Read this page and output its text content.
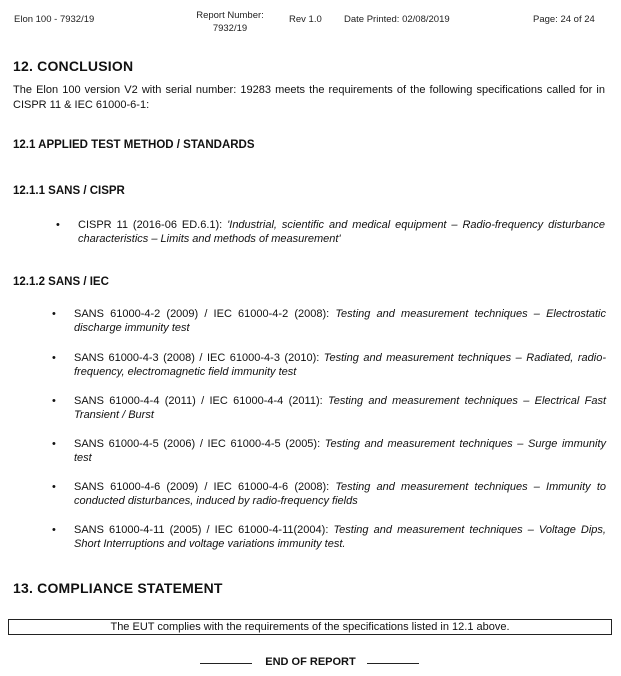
Elon 100 - 7932/19	Report Number:
7932/19
Rev 1.0 Date Printed: 02/08/2019	Page: 24 of 24
12. CONCLUSION
The Elon 100 version V2 with serial number: 19283 meets the requirements of the following specifications called for in CISPR 11 & IEC 61000-6-1:
12.1 APPLIED TEST METHOD / STANDARDS
12.1.1 SANS / CISPR
• CISPR 11 (2016-06 ED.6.1): 'Industrial, scientific and medical equipment – Radio-frequency disturbance characteristics – Limits and methods of measurement'
12.1.2 SANS / IEC
• SANS 61000-4-2 (2009) / IEC 61000-4-2 (2008): Testing and measurement techniques – Electrostatic discharge immunity test
• SANS 61000-4-3 (2008) / IEC 61000-4-3 (2010): Testing and measurement techniques – Radiated, radio-frequency, electromagnetic field immunity test
• SANS 61000-4-4 (2011) / IEC 61000-4-4 (2011): Testing and measurement techniques – Electrical Fast Transient / Burst
• SANS 61000-4-5 (2006) / IEC 61000-4-5 (2005): Testing and measurement techniques – Surge immunity test
• SANS 61000-4-6 (2009) / IEC 61000-4-6 (2008): Testing and measurement techniques – Immunity to conducted disturbances, induced by radio-frequency fields
• SANS 61000-4-11 (2005) / IEC 61000-4-11(2004): Testing and measurement techniques – Voltage Dips, Short Interruptions and voltage variations immunity test.
13. COMPLIANCE STATEMENT
The EUT complies with the requirements of the specifications listed in 12.1 above.
END OF REPORT
